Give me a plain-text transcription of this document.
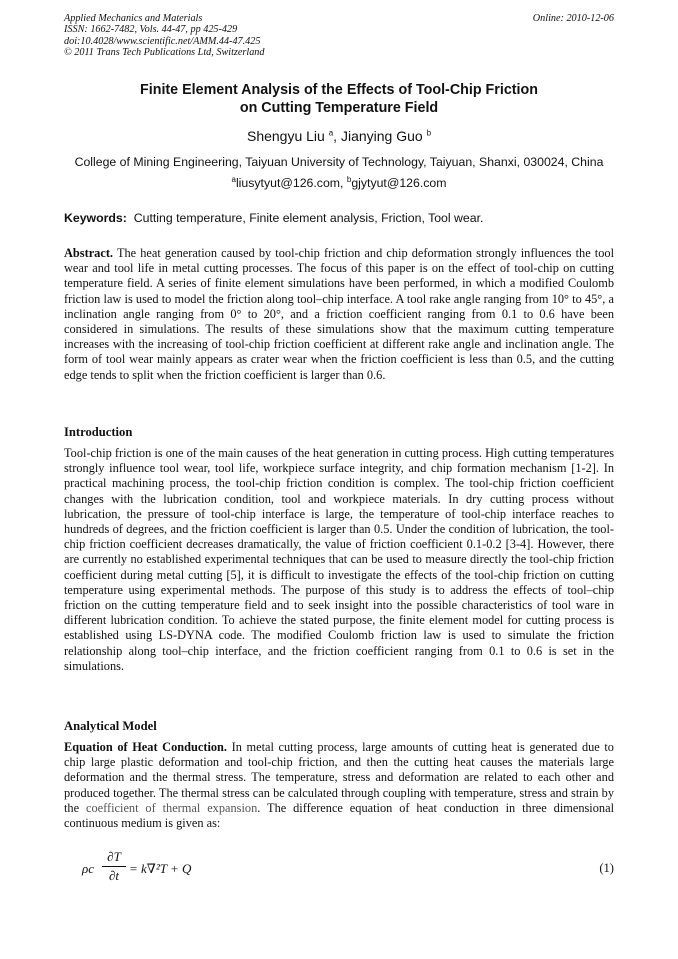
Applied Mechanics and Materials
ISSN: 1662-7482, Vols. 44-47, pp 425-429
doi:10.4028/www.scientific.net/AMM.44-47.425
© 2011 Trans Tech Publications Ltd, Switzerland
Online: 2010-12-06
Finite Element Analysis of the Effects of Tool-Chip Friction
on Cutting Temperature Field
Shengyu Liu $^a$, Jianying Guo $^b$
College of Mining Engineering, Taiyuan University of Technology, Taiyuan, Shanxi, 030024, China
$^a$liusytyut@126.com, $^b$gjytyut@126.com
Keywords: Cutting temperature, Finite element analysis, Friction, Tool wear.
Abstract. The heat generation caused by tool-chip friction and chip deformation strongly influences the tool wear and tool life in metal cutting processes. The focus of this paper is on the effect of tool-chip on cutting temperature field. A series of finite element simulations have been performed, in which a modified Coulomb friction law is used to model the friction along tool–chip interface. A tool rake angle ranging from 10° to 45°, a inclination angle ranging from 0° to 20°, and a friction coefficient ranging from 0.1 to 0.6 have been considered in simulations. The results of these simulations show that the maximum cutting temperature increases with the increasing of tool-chip friction coefficient at different rake angle and inclination angle. The form of tool wear mainly appears as crater wear when the friction coefficient is less than 0.5, and the cutting edge tends to split when the friction coefficient is larger than 0.6.
Introduction
Tool-chip friction is one of the main causes of the heat generation in cutting process. High cutting temperatures strongly influence tool wear, tool life, workpiece surface integrity, and chip formation mechanism [1-2]. In practical machining process, the tool-chip friction condition is complex. The tool-chip friction coefficient changes with the lubrication condition, tool and workpiece materials. In dry cutting process without lubrication, the pressure of tool-chip interface is large, the temperature of tool-chip interface reaches to hundreds of degrees, and the friction coefficient is larger than 0.5. Under the condition of lubrication, the tool-chip friction coefficient decreases dramatically, the value of friction coefficient 0.1-0.2 [3-4]. However, there are currently no established experimental techniques that can be used to measure directly the tool-chip friction coefficient during metal cutting [5], it is difficult to investigate the effects of the tool-chip friction on cutting temperature using experimental methods. The purpose of this study is to address the effects of tool–chip friction on the cutting temperature field and to seek insight into the possible characteristics of tool ware in different lubrication condition. To achieve the stated purpose, the finite element model for cutting process is established using LS-DYNA code. The modified Coulomb friction law is used to simulate the friction relationship along tool–chip interface, and the friction coefficient ranging from 0.1 to 0.6 is set in the simulations.
Analytical Model
Equation of Heat Conduction. In metal cutting process, large amounts of cutting heat is generated due to chip large plastic deformation and tool-chip friction, and then the cutting heat causes the materials large deformation and the thermal stress. The temperature, stress and deformation are related to each other and produced together. The thermal stress can be calculated through coupling with temperature, stress and strain by the coefficient of thermal expansion. The difference equation of heat conduction in three dimensional continuous medium is given as:
ρc
∂T
∂t = k∇²T + Q	(1)
